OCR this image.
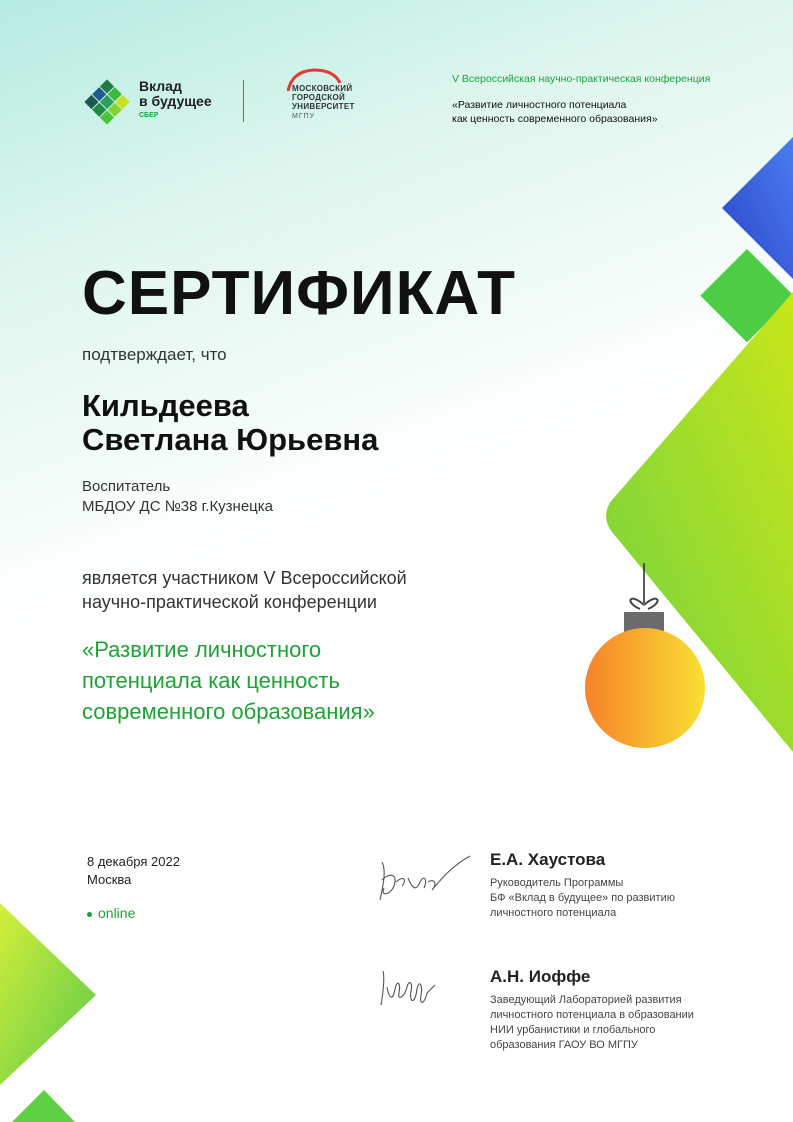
Вклад
в будущее
СБЕР
МОСКОВСКИЙ
ГОРОДСКОЙ
УНИВЕРСИТЕТ
МГПУ
V Всероссийская научно-практическая конференция
«Развитие личностного потенциала
как ценность современного образования»
СЕРТИФИКАТ
подтверждает, что
Кильдеева
Светлана Юрьевна
Воспитатель
МБДОУ ДС №38 г.Кузнецка
является участником V Всероссийской
научно-практической конференции
«Развитие личностного
потенциала как ценность
современного образования»
8 декабря 2022
Москва
online
Е.А. Хаустова
Руководитель Программы
БФ «Вклад в будущее» по развитию
личностного потенциала
А.Н. Иоффе
Заведующий Лабораторией развития
личностного потенциала в образовании
НИИ урбанистики и глобального
образования ГАОУ ВО МГПУ
